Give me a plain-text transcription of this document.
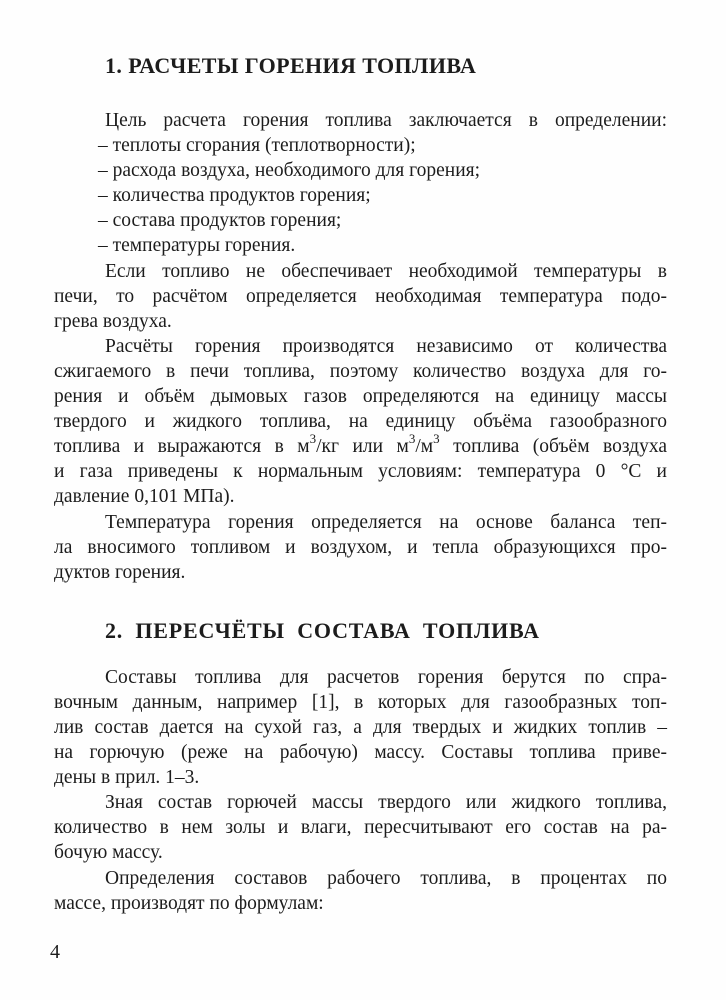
1. РАСЧЕТЫ ГОРЕНИЯ ТОПЛИВА
Цель расчета горения топлива заключается в определении:
– теплоты сгорания (теплотворности);
– расхода воздуха, необходимого для горения;
– количества продуктов горения;
– состава продуктов горения;
– температуры горения.
Если топливо не обеспечивает необходимой температуры в
печи, то расчётом определяется необходимая температура подо-
грева воздуха.
Расчёты горения производятся независимо от количества
сжигаемого в печи топлива, поэтому количество воздуха для го-
рения и объём дымовых газов определяются на единицу массы
твердого и жидкого топлива, на единицу объёма газообразного
топлива и выражаются в $м^3/кг$ или $м^3/м^3$ топлива (объём воздуха
и газа приведены к нормальным условиям: температура 0 °С и
давление 0,101 МПа).
Температура горения определяется на основе баланса теп-
ла вносимого топливом и воздухом, и тепла образующихся про-
дуктов горения.
2. ПЕРЕСЧЁТЫ СОСТАВА ТОПЛИВА
Составы топлива для расчетов горения берутся по спра-
вочным данным, например [1], в которых для газообразных топ-
лив состав дается на сухой газ, а для твердых и жидких топлив –
на горючую (реже на рабочую) массу. Составы топлива приве-
дены в прил. 1–3.
Зная состав горючей массы твердого или жидкого топлива,
количество в нем золы и влаги, пересчитывают его состав на ра-
бочую массу.
Определения составов рабочего топлива, в процентах по
массе, производят по формулам:
4
